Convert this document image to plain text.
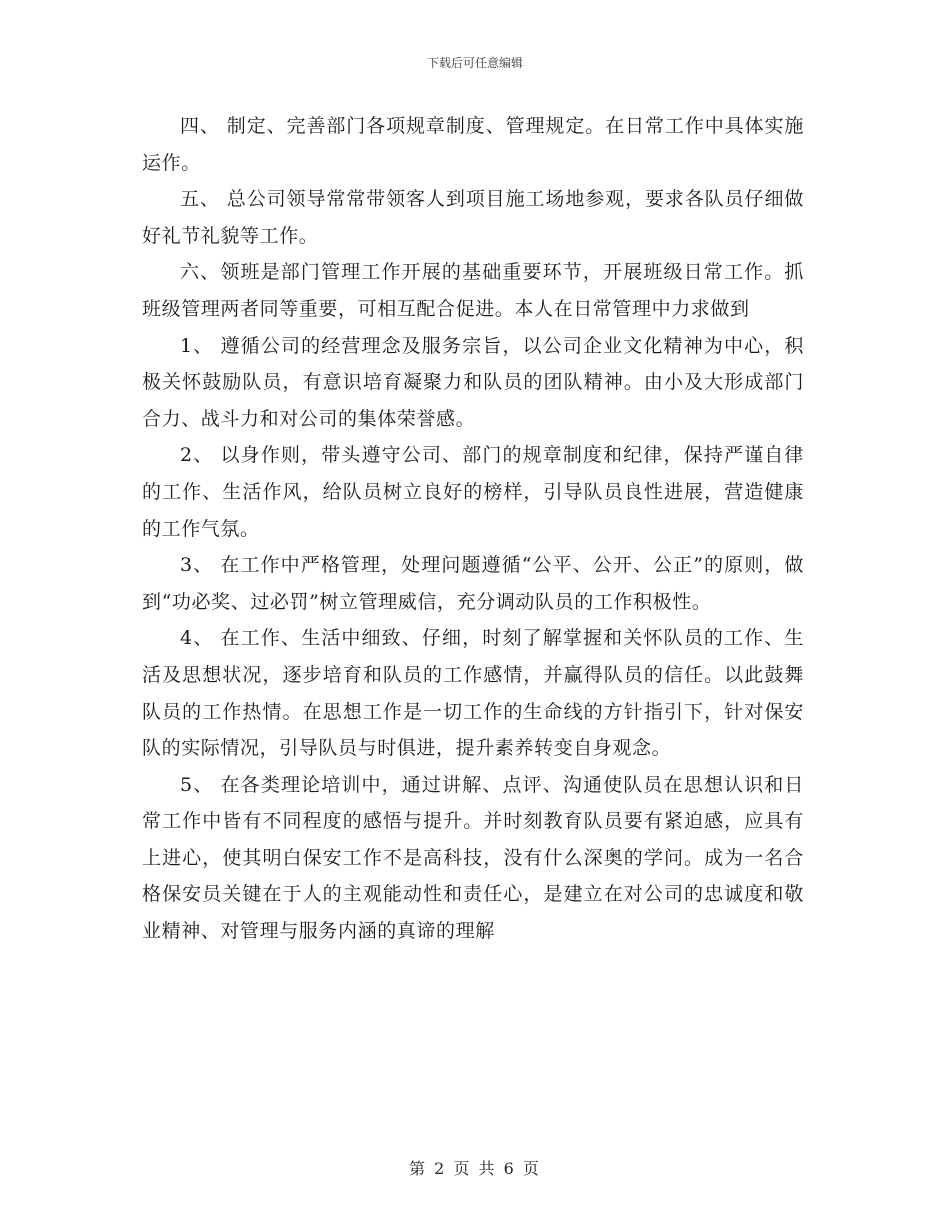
下载后可任意编辑

四、 制定、完善部门各项规章制度、管理规定。在日常工作中具体实施运作。

五、 总公司领导常常带领客人到项目施工场地参观，要求各队员仔细做好礼节礼貌等工作。

六、领班是部门管理工作开展的基础重要环节，开展班级日常工作。抓班级管理两者同等重要，可相互配合促进。本人在日常管理中力求做到

1、 遵循公司的经营理念及服务宗旨，以公司企业文化精神为中心，积极关怀鼓励队员，有意识培育凝聚力和队员的团队精神。由小及大形成部门合力、战斗力和对公司的集体荣誉感。

2、 以身作则，带头遵守公司、部门的规章制度和纪律，保持严谨自律的工作、生活作风，给队员树立良好的榜样，引导队员良性进展，营造健康的工作气氛。

3、 在工作中严格管理，处理问题遵循“公平、公开、公正”的原则，做到“功必奖、过必罚”树立管理威信，充分调动队员的工作积极性。

4、 在工作、生活中细致、仔细，时刻了解掌握和关怀队员的工作、生活及思想状况，逐步培育和队员的工作感情，并赢得队员的信任。以此鼓舞队员的工作热情。在思想工作是一切工作的生命线的方针指引下，针对保安队的实际情况，引导队员与时俱进，提升素养转变自身观念。

5、 在各类理论培训中，通过讲解、点评、沟通使队员在思想认识和日常工作中皆有不同程度的感悟与提升。并时刻教育队员要有紧迫感，应具有上进心，使其明白保安工作不是高科技，没有什么深奥的学问。成为一名合格保安员关键在于人的主观能动性和责任心，是建立在对公司的忠诚度和敬业精神、对管理与服务内涵的真谛的理解

第 2 页 共 6 页
